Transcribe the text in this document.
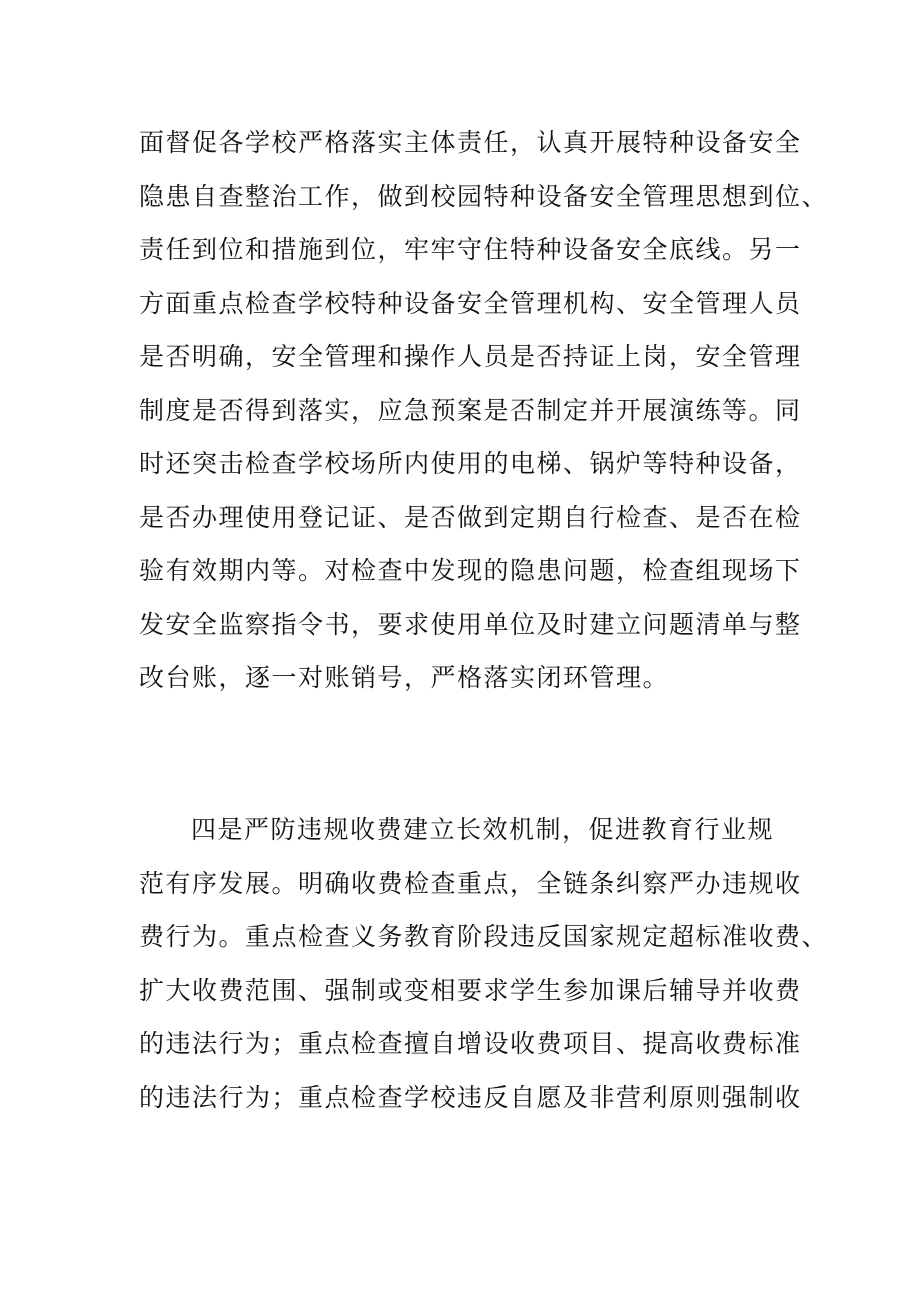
面督促各学校严格落实主体责任，认真开展特种设备安全
隐患自查整治工作，做到校园特种设备安全管理思想到位、
责任到位和措施到位，牢牢守住特种设备安全底线。另一
方面重点检查学校特种设备安全管理机构、安全管理人员
是否明确，安全管理和操作人员是否持证上岗，安全管理
制度是否得到落实，应急预案是否制定并开展演练等。同
时还突击检查学校场所内使用的电梯、锅炉等特种设备，
是否办理使用登记证、是否做到定期自行检查、是否在检
验有效期内等。对检查中发现的隐患问题，检查组现场下
发安全监察指令书，要求使用单位及时建立问题清单与整
改台账，逐一对账销号，严格落实闭环管理。
四是严防违规收费建立长效机制，促进教育行业规
范有序发展。明确收费检查重点，全链条纠察严办违规收
费行为。重点检查义务教育阶段违反国家规定超标准收费、
扩大收费范围、强制或变相要求学生参加课后辅导并收费
的违法行为；重点检查擅自增设收费项目、提高收费标准
的违法行为；重点检查学校违反自愿及非营利原则强制收
